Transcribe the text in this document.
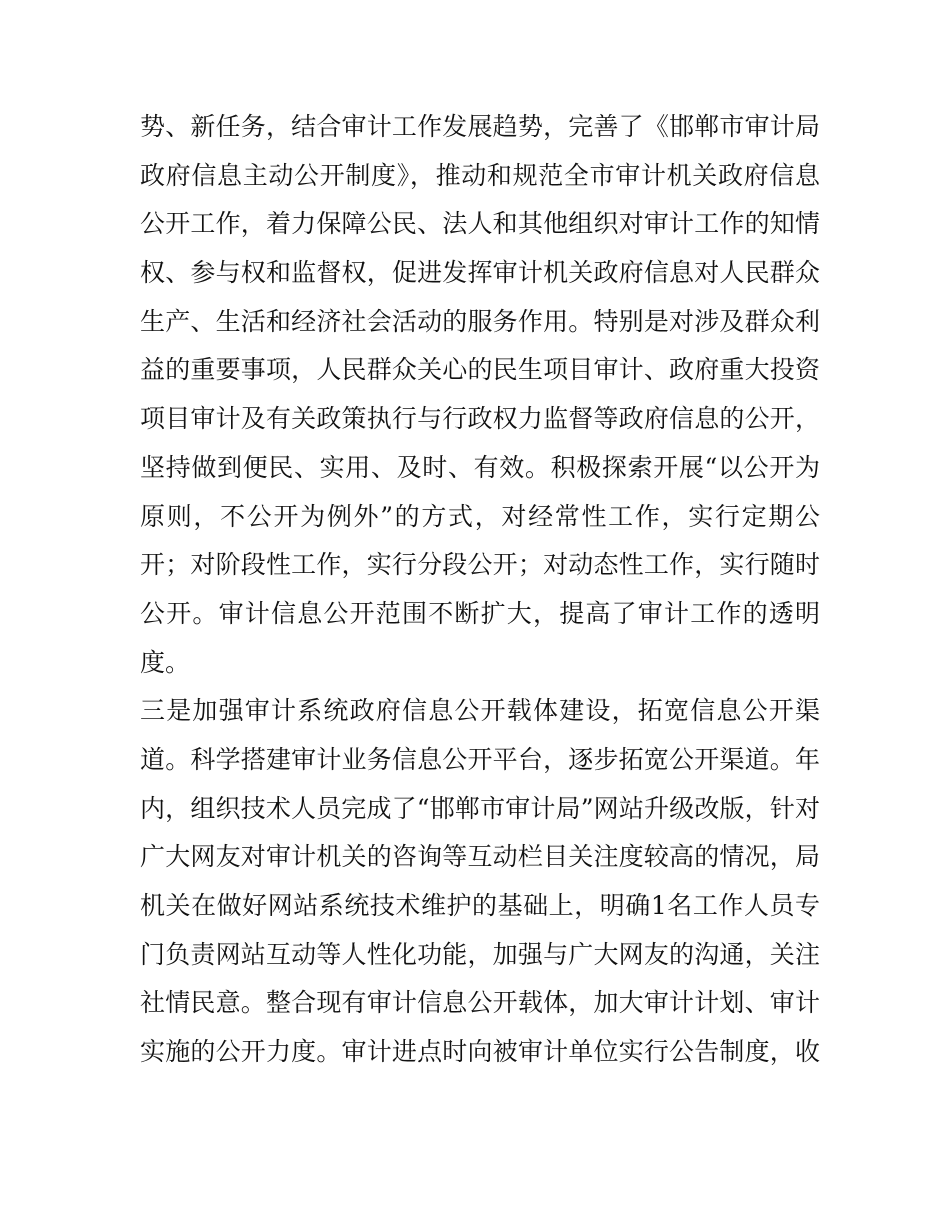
势、新任务，结合审计工作发展趋势，完善了《邯郸市审计局
政府信息主动公开制度》，推动和规范全市审计机关政府信息
公开工作，着力保障公民、法人和其他组织对审计工作的知情
权、参与权和监督权，促进发挥审计机关政府信息对人民群众
生产、生活和经济社会活动的服务作用。特别是对涉及群众利
益的重要事项，人民群众关心的民生项目审计、政府重大投资
项目审计及有关政策执行与行政权力监督等政府信息的公开，
坚持做到便民、实用、及时、有效。积极探索开展“以公开为
原则，不公开为例外”的方式，对经常性工作，实行定期公
开；对阶段性工作，实行分段公开；对动态性工作，实行随时
公开。审计信息公开范围不断扩大，提高了审计工作的透明
度。
三是加强审计系统政府信息公开载体建设，拓宽信息公开渠
道。科学搭建审计业务信息公开平台，逐步拓宽公开渠道。年
内，组织技术人员完成了“邯郸市审计局”网站升级改版，针对
广大网友对审计机关的咨询等互动栏目关注度较高的情况，局
机关在做好网站系统技术维护的基础上，明确1名工作人员专
门负责网站互动等人性化功能，加强与广大网友的沟通，关注
社情民意。整合现有审计信息公开载体，加大审计计划、审计
实施的公开力度。审计进点时向被审计单位实行公告制度，收
